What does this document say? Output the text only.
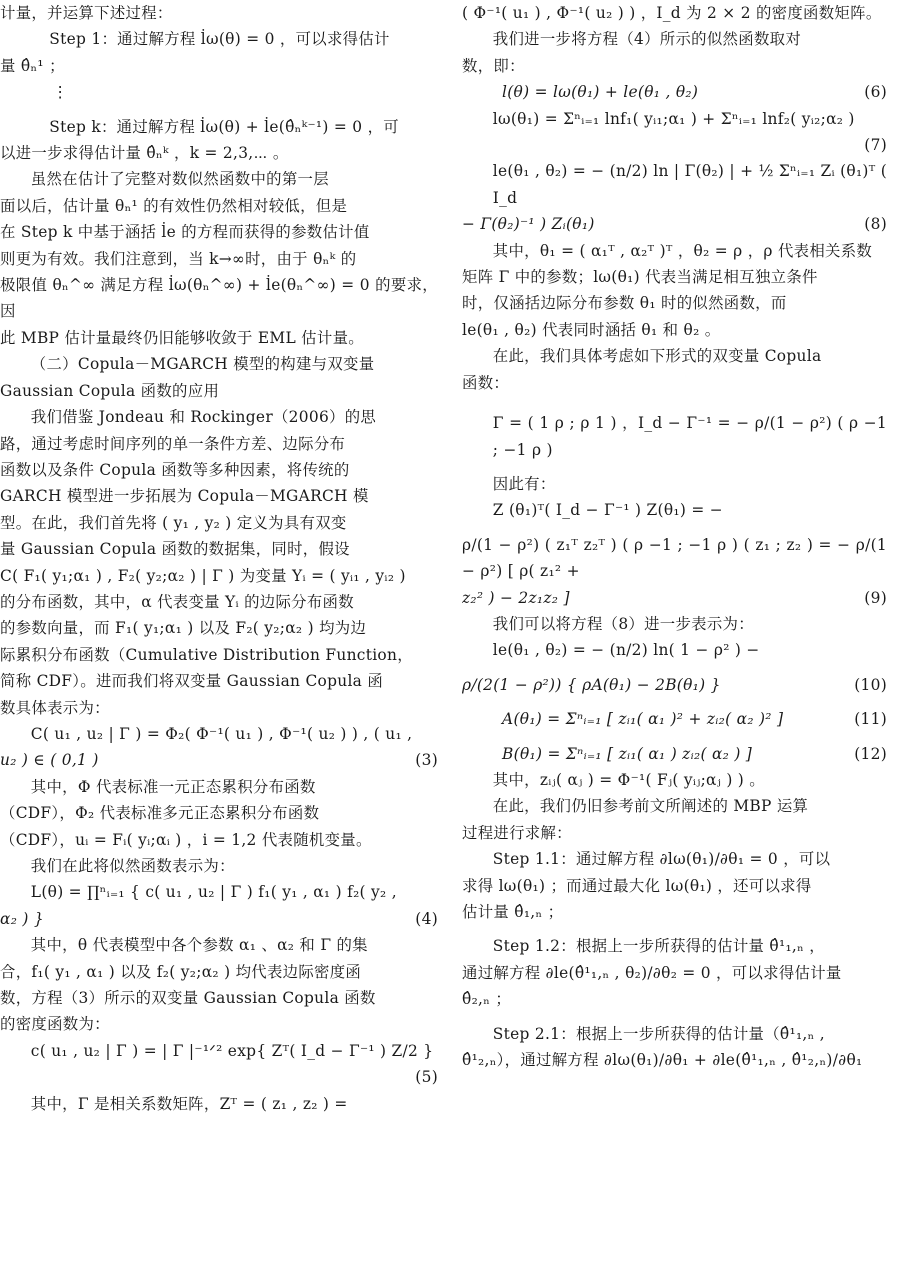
计量，并运算下述过程：

Step 1：通过解方程 l̇ω(θ) = 0 ，可以求得估计

量 θ̂ₙ¹ ；

⋮

Step k：通过解方程 l̇ω(θ) + l̇e(θ̂ₙᵏ⁻¹) = 0 ，可

以进一步求得估计量 θ̂ₙᵏ ，k = 2,3,⋯ 。

虽然在估计了完整对数似然函数中的第一层

面以后，估计量 θₙ¹ 的有效性仍然相对较低，但是

在 Step k 中基于涵括 l̇e 的方程而获得的参数估计值

则更为有效。我们注意到，当 k→∞时，由于 θₙᵏ 的

极限值 θₙ^∞ 满足方程 l̇ω(θₙ^∞) + l̇e(θₙ^∞) = 0 的要求，因

此 MBP 估计量最终仍旧能够收敛于 EML 估计量。

（二）Copula－MGARCH 模型的构建与双变量

Gaussian Copula 函数的应用

我们借鉴 Jondeau 和 Rockinger（2006）的思

路，通过考虑时间序列的单一条件方差、边际分布

函数以及条件 Copula 函数等多种因素，将传统的

GARCH 模型进一步拓展为 Copula－MGARCH 模

型。在此，我们首先将 ( y₁ , y₂ ) 定义为具有双变

量 Gaussian Copula 函数的数据集，同时，假设

C( F₁( y₁;α₁ ) , F₂( y₂;α₂ ) | Γ ) 为变量 Yᵢ = ( yᵢ₁ , yᵢ₂ )

的分布函数，其中，α 代表变量 Yᵢ 的边际分布函数

的参数向量，而 F₁( y₁;α₁ ) 以及 F₂( y₂;α₂ ) 均为边

际累积分布函数（Cumulative Distribution Function，

简称 CDF）。进而我们将双变量 Gaussian Copula 函

数具体表示为：

C( u₁ , u₂ | Γ ) = Φ₂( Φ⁻¹( u₁ ) , Φ⁻¹( u₂ ) ) , ( u₁ ,

u₂ ) ∈ ( 0,1 )	(3)

其中，Φ 代表标准一元正态累积分布函数

（CDF），Φ₂ 代表标准多元正态累积分布函数

（CDF），uᵢ = Fᵢ( yᵢ;αᵢ ) ，i = 1,2 代表随机变量。

我们在此将似然函数表示为：

L(θ) = ∏ⁿᵢ₌₁ { c( u₁ , u₂ | Γ ) f₁( y₁ , α₁ ) f₂( y₂ ,

α₂ ) }	(4)

其中，θ 代表模型中各个参数 α₁ 、α₂ 和 Γ 的集

合，f₁( y₁ , α₁ ) 以及 f₂( y₂;α₂ ) 均代表边际密度函

数，方程（3）所示的双变量 Gaussian Copula 函数

的密度函数为：

c( u₁ , u₂ | Γ ) = | Γ |⁻¹ᐟ² exp{ Zᵀ( I_d − Γ⁻¹ ) Z/2 }

(5)

其中，Γ 是相关系数矩阵，Zᵀ = ( z₁ , z₂ ) =

( Φ⁻¹( u₁ ) , Φ⁻¹( u₂ ) ) ，I_d 为 2 × 2 的密度函数矩阵。

我们进一步将方程（4）所示的似然函数取对

数，即：

l(θ) = lω(θ₁) + le(θ₁ , θ₂)	(6)

lω(θ₁) = Σⁿᵢ₌₁ lnf₁( yᵢ₁;α₁ ) + Σⁿᵢ₌₁ lnf₂( yᵢ₂;α₂ )

(7)

le(θ₁ , θ₂) = − (n/2) ln | Γ(θ₂) | + ½ Σⁿᵢ₌₁ Zᵢ (θ₁)ᵀ ( I_d

− Γ(θ₂)⁻¹ ) Zᵢ(θ₁)	(8)

其中，θ₁ = ( α₁ᵀ , α₂ᵀ )ᵀ ，θ₂ = ρ ，ρ 代表相关系数

矩阵 Γ 中的参数；lω(θ₁) 代表当满足相互独立条件

时，仅涵括边际分布参数 θ₁ 时的似然函数，而

le(θ₁ , θ₂) 代表同时涵括 θ₁ 和 θ₂ 。

在此，我们具体考虑如下形式的双变量 Copula

函数：

Γ = ( 1 ρ ; ρ 1 ) ，I_d − Γ⁻¹ = − ρ/(1 − ρ²) ( ρ −1 ; −1 ρ )

因此有：

Z (θ₁)ᵀ( I_d − Γ⁻¹ ) Z(θ₁) = −

ρ/(1 − ρ²) ( z₁ᵀ z₂ᵀ ) ( ρ −1 ; −1 ρ ) ( z₁ ; z₂ ) = − ρ/(1 − ρ²) [ ρ( z₁² +

z₂² ) − 2z₁z₂ ]	(9)

我们可以将方程（8）进一步表示为：

le(θ₁ , θ₂) = − (n/2) ln( 1 − ρ² ) −

ρ/(2(1 − ρ²)) { ρA(θ₁) − 2B(θ₁) }	(10)
A(θ₁) = Σⁿᵢ₌₁ [ zᵢ₁( α₁ )² + zᵢ₂( α₂ )² ]	(11)
B(θ₁) = Σⁿᵢ₌₁ [ zᵢ₁( α₁ ) zᵢ₂( α₂ ) ]	(12)

其中，zᵢⱼ( αⱼ ) = Φ⁻¹( Fⱼ( yᵢⱼ;αⱼ ) ) 。

在此，我们仍旧参考前文所阐述的 MBP 运算

过程进行求解：

Step 1.1：通过解方程 ∂lω(θ₁)/∂θ₁ = 0 ，可以

求得 lω(θ₁) ；而通过最大化 lω(θ₁) ，还可以求得

估计量 θ̂₁,ₙ ；

Step 1.2：根据上一步所获得的估计量 θ̂¹₁,ₙ ，

通过解方程 ∂le(θ̂¹₁,ₙ , θ₂)/∂θ₂ = 0 ，可以求得估计量

θ̂₂,ₙ ；

Step 2.1：根据上一步所获得的估计量（θ̂¹₁,ₙ ,

θ̂¹₂,ₙ），通过解方程 ∂lω(θ₁)/∂θ₁ + ∂le(θ̂¹₁,ₙ , θ̂¹₂,ₙ)/∂θ₁
